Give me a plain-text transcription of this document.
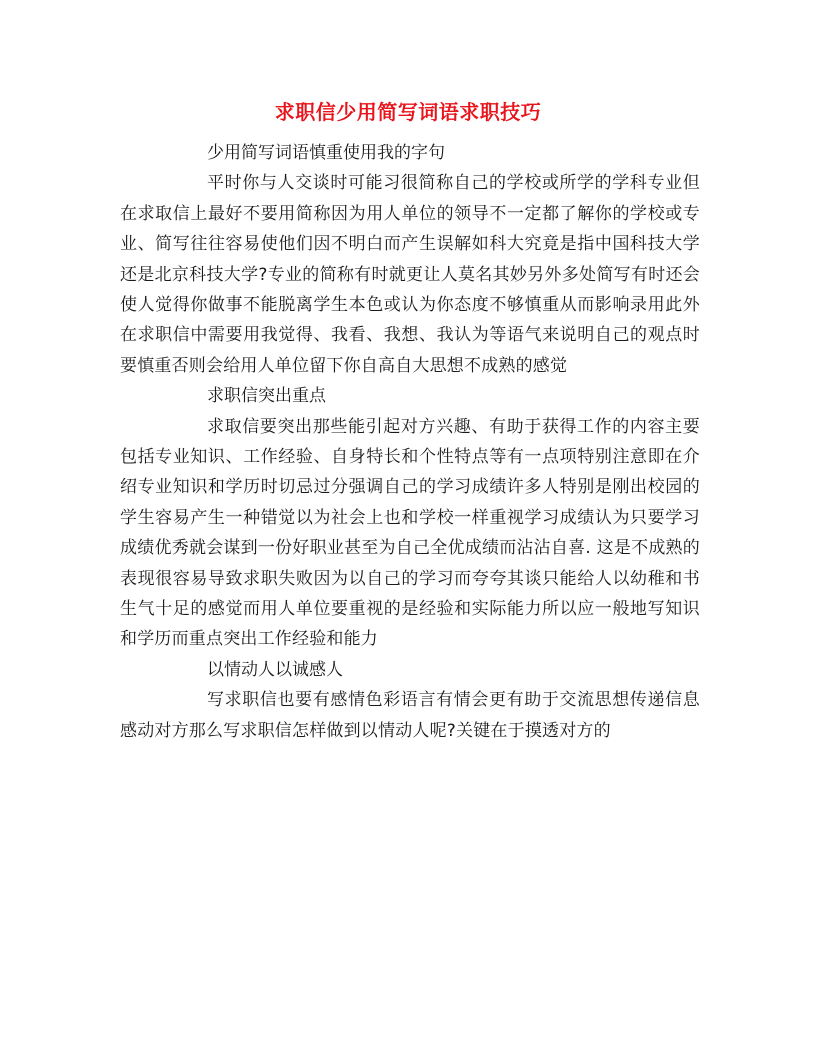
求职信少用简写词语求职技巧

少用简写词语慎重使用我的字句

平时你与人交谈时可能习很简称自己的学校或所学的学科专业但在求取信上最好不要用简称因为用人单位的领导不一定都了解你的学校或专业、简写往往容易使他们因不明白而产生误解如科大究竟是指中国科技大学还是北京科技大学?专业的简称有时就更让人莫名其妙另外多处简写有时还会使人觉得你做事不能脱离学生本色或认为你态度不够慎重从而影响录用此外在求职信中需要用我觉得、我看、我想、我认为等语气来说明自己的观点时要慎重否则会给用人单位留下你自高自大思想不成熟的感觉

求职信突出重点

求取信要突出那些能引起对方兴趣、有助于获得工作的内容主要包括专业知识、工作经验、自身特长和个性特点等有一点项特别注意即在介绍专业知识和学历时切忌过分强调自己的学习成绩许多人特别是刚出校园的学生容易产生一种错觉以为社会上也和学校一样重视学习成绩认为只要学习成绩优秀就会谋到一份好职业甚至为自己全优成绩而沾沾自喜. 这是不成熟的表现很容易导致求职失败因为以自己的学习而夸夸其谈只能给人以幼稚和书生气十足的感觉而用人单位要重视的是经验和实际能力所以应一般地写知识和学历而重点突出工作经验和能力

以情动人以诚感人

写求职信也要有感情色彩语言有情会更有助于交流思想传递信息感动对方那么写求职信怎样做到以情动人呢?关键在于摸透对方的
